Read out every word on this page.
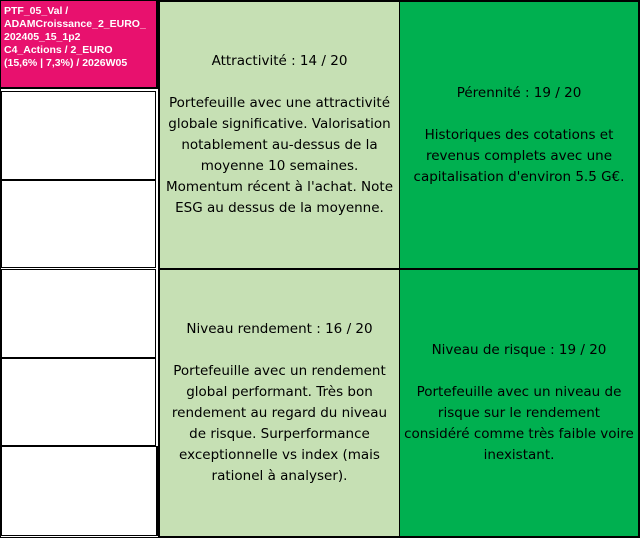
PTF_05_Val /
ADAMCroissance_2_EURO_
202405_15_1p2
C4_Actions / 2_EURO
(15,6% | 7,3%) / 2026W05	Attractivité : 14 / 20
Portefeuille avec une attractivité globale significative. Valorisation notablement au-dessus de la moyenne 10 semaines. Momentum récent à l'achat. Note ESG au dessus de la moyenne.
Pérennité : 19 / 20
Historiques des cotations et revenus complets avec une capitalisation d'environ 5.5 G€.
Niveau rendement : 16 / 20
Portefeuille avec un rendement global performant. Très bon rendement au regard du niveau de risque. Surperformance exceptionnelle vs index (mais rationel à analyser).
Niveau de risque : 19 / 20
Portefeuille avec un niveau de risque sur le rendement considéré comme très faible voire inexistant.
